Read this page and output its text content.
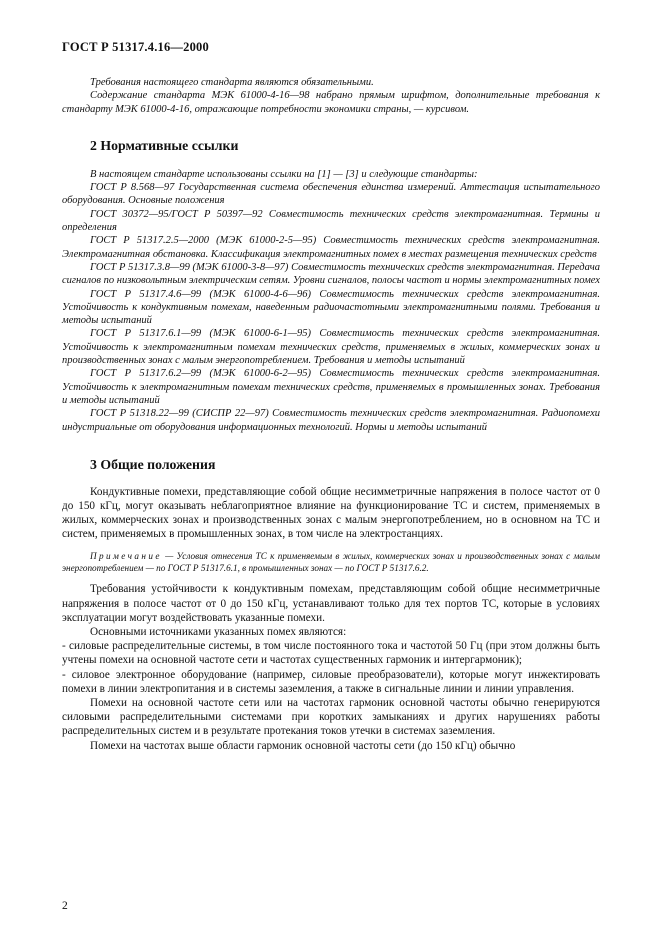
ГОСТ Р 51317.4.16—2000

Требования настоящего стандарта являются обязательными.

Содержание стандарта МЭК 61000-4-16—98 набрано прямым шрифтом, дополнительные требования к стандарту МЭК 61000-4-16, отражающие потребности экономики страны, — курсивом.

2 Нормативные ссылки

В настоящем стандарте использованы ссылки на [1] — [3] и следующие стандарты:

ГОСТ Р 8.568—97 Государственная система обеспечения единства измерений. Аттестация испытательного оборудования. Основные положения

ГОСТ 30372—95/ГОСТ Р 50397—92 Совместимость технических средств электромагнитная. Термины и определения

ГОСТ Р 51317.2.5—2000 (МЭК 61000-2-5—95) Совместимость технических средств электромагнитная. Электромагнитная обстановка. Классификация электромагнитных помех в местах размещения технических средств

ГОСТ Р 51317.3.8—99 (МЭК 61000-3-8—97) Совместимость технических средств электромагнитная. Передача сигналов по низковольтным электрическим сетям. Уровни сигналов, полосы частот и нормы электромагнитных помех

ГОСТ Р 51317.4.6—99 (МЭК 61000-4-6—96) Совместимость технических средств электромагнитная. Устойчивость к кондуктивным помехам, наведенным радиочастотными электромагнитными полями. Требования и методы испытаний

ГОСТ Р 51317.6.1—99 (МЭК 61000-6-1—95) Совместимость технических средств электромагнитная. Устойчивость к электромагнитным помехам технических средств, применяемых в жилых, коммерческих зонах и производственных зонах с малым энергопотреблением. Требования и методы испытаний

ГОСТ Р 51317.6.2—99 (МЭК 61000-6-2—95) Совместимость технических средств электромагнитная. Устойчивость к электромагнитным помехам технических средств, применяемых в промышленных зонах. Требования и методы испытаний

ГОСТ Р 51318.22—99 (СИСПР 22—97) Совместимость технических средств электромагнитная. Радиопомехи индустриальные от оборудования информационных технологий. Нормы и методы испытаний

3 Общие положения

Кондуктивные помехи, представляющие собой общие несимметричные напряжения в полосе частот от 0 до 150 кГц, могут оказывать неблагоприятное влияние на функционирование ТС и систем, применяемых в жилых, коммерческих зонах и производственных зонах с малым энергопотреблением, но в основном на ТС и систем, применяемых в промышленных зонах, в том числе на электростанциях.

Примечание — Условия отнесения ТС к применяемым в жилых, коммерческих зонах и производственных зонах с малым энергопотреблением — по ГОСТ Р 51317.6.1, в промышленных зонах — по ГОСТ Р 51317.6.2.

Требования устойчивости к кондуктивным помехам, представляющим собой общие несимметричные напряжения в полосе частот от 0 до 150 кГц, устанавливают только для тех портов ТС, которые в условиях эксплуатации могут воздействовать указанные помехи.

Основными источниками указанных помех являются:

- силовые распределительные системы, в том числе постоянного тока и частотой 50 Гц (при этом должны быть учтены помехи на основной частоте сети и частотах существенных гармоник и интергармоник);

- силовое электронное оборудование (например, силовые преобразователи), которые могут инжектировать помехи в линии электропитания и в системы заземления, а также в сигнальные линии и линии управления.

Помехи на основной частоте сети или на частотах гармоник основной частоты обычно генерируются силовыми распределительными системами при коротких замыканиях и других нарушениях работы распределительных систем и в результате протекания токов утечки в системах заземления.

Помехи на частотах выше области гармоник основной частоты сети (до 150 кГц) обычно

2
